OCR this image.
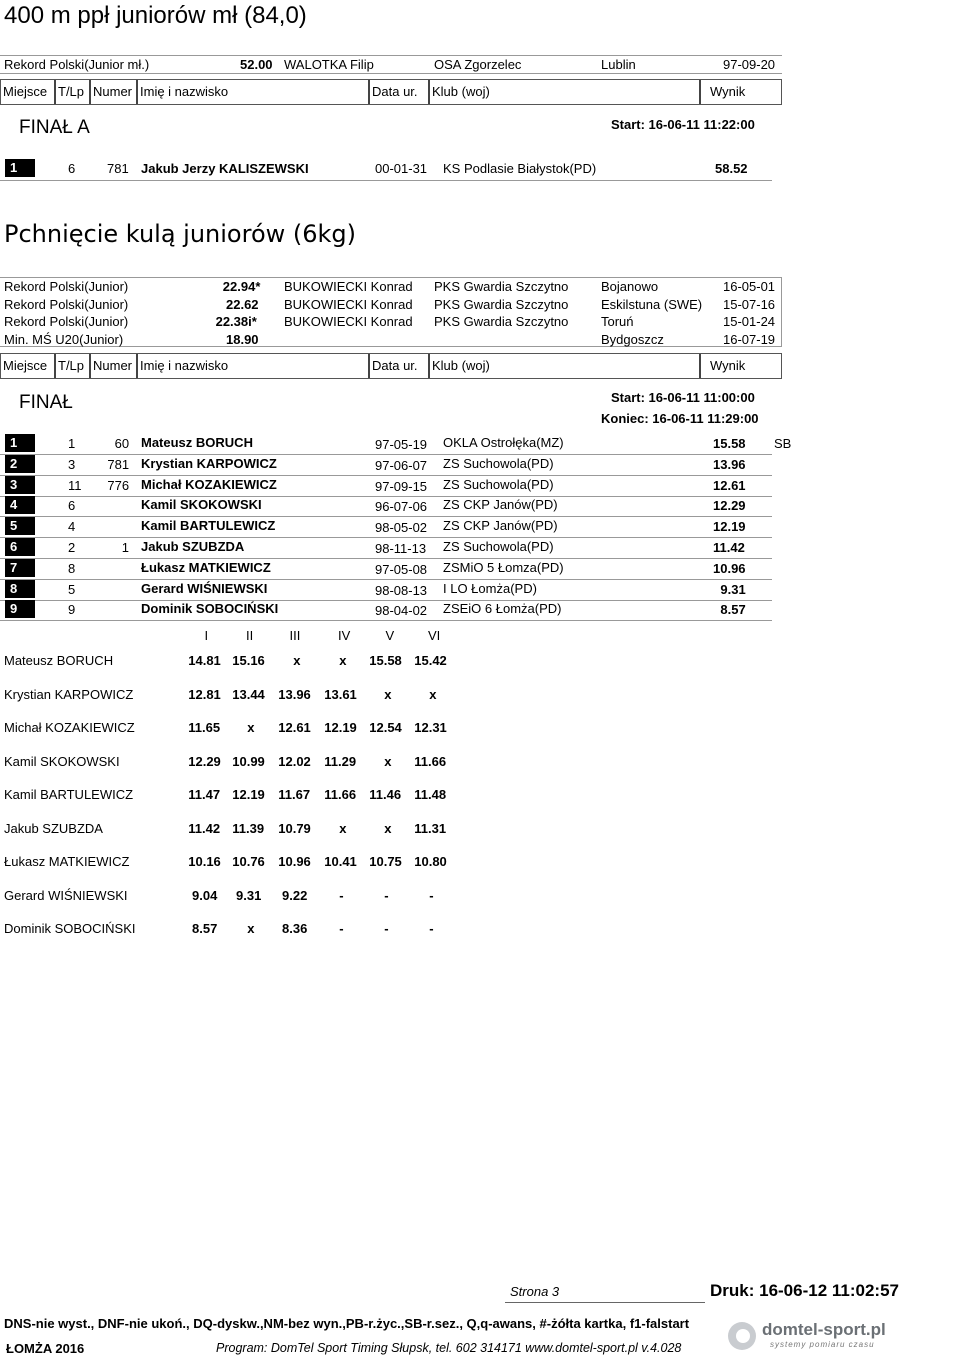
400 m ppł juniorów mł (84,0)
Rekord Polski(Junior mł.)	52.00 WALOTKA Filip	OSA Zgorzelec	Lublin	97-09-20
Miejsce T/Lp Numer Imię i nazwisko	Data ur.	Klub (woj)	Wynik
FINAŁ A	Start: 16-06-11 11:22:00
1	6 781 Jakub Jerzy KALISZEWSKI	00-01-31 KS Podlasie Białystok(PD)	58.52
Pchnięcie kulą juniorów (6kg)
Rekord Polski(Junior)	22.94* BUKOWIECKI Konrad PKS Gwardia Szczytno	Bojanowo	16-05-01
Rekord Polski(Junior)	22.62 BUKOWIECKI Konrad PKS Gwardia Szczytno	Eskilstuna (SWE) 15-07-16
Rekord Polski(Junior)	22.38i* BUKOWIECKI Konrad PKS Gwardia Szczytno	Toruń	15-01-24
Min. MŚ U20(Junior)	18.90	Bydgoszcz	16-07-19
Miejsce T/Lp Numer Imię i nazwisko	Data ur.	Klub (woj)	Wynik
FINAŁ	Start: 16-06-11 11:00:00
Koniec: 16-06-11 11:29:00
1	1	60 Mateusz BORUCH	97-05-19 OKLA Ostrołęka(MZ)	15.58 SB
2	3 781 Krystian KARPOWICZ	97-06-07 ZS Suchowola(PD)	13.96
3	11 776 Michał KOZAKIEWICZ	97-09-15 ZS Suchowola(PD)	12.61
4	6	Kamil SKOKOWSKI	96-07-06 ZS CKP Janów(PD)	12.29
5	4	Kamil BARTULEWICZ	98-05-02 ZS CKP Janów(PD)	12.19
6	2	1 Jakub SZUBZDA	98-11-13 ZS Suchowola(PD)	11.42
7	8	Łukasz MATKIEWICZ	97-05-08 ZSMiO 5 Łomza(PD)	10.96
8	5	Gerard WIŚNIEWSKI	98-08-13 I LO Łomża(PD)	9.31
9	9	Dominik SOBOCIŃSKI	98-04-02 ZSEiO 6 Łomża(PD)	8.57
I	II	III	IV	V	VI
Mateusz BORUCH	14.81 15.16 x	x 15.58 15.42
Krystian KARPOWICZ	12.81 13.44 13.96 13.61 x	x
Michał KOZAKIEWICZ	11.65 x 12.61 12.19 12.54 12.31
Kamil SKOKOWSKI	12.29 10.99 12.02 11.29 x 11.66
Kamil BARTULEWICZ	11.47 12.19 11.67 11.66 11.46 11.48
Jakub SZUBZDA	11.42 11.39 10.79 x	x 11.31
Łukasz MATKIEWICZ	10.16 10.76 10.96 10.41 10.75 10.80
Gerard WIŚNIEWSKI	9.04 9.31 9.22 -	-	-
Dominik SOBOCIŃSKI	8.57 x 8.36 -	-	-
Strona 3	Druk: 16-06-12 11:02:57
DNS-nie wyst., DNF-nie ukoń., DQ-dyskw.,NM-bez wyn.,PB-r.życ.,SB-r.sez., Q,q-awans, #-żółta kartka, f1-falstart
ŁOMŻA 2016	Program: DomTel Sport Timing Słupsk, tel. 602 314171 www.domtel-sport.pl v.4.028
domtel-sport.pl
systemy pomiaru czasu
